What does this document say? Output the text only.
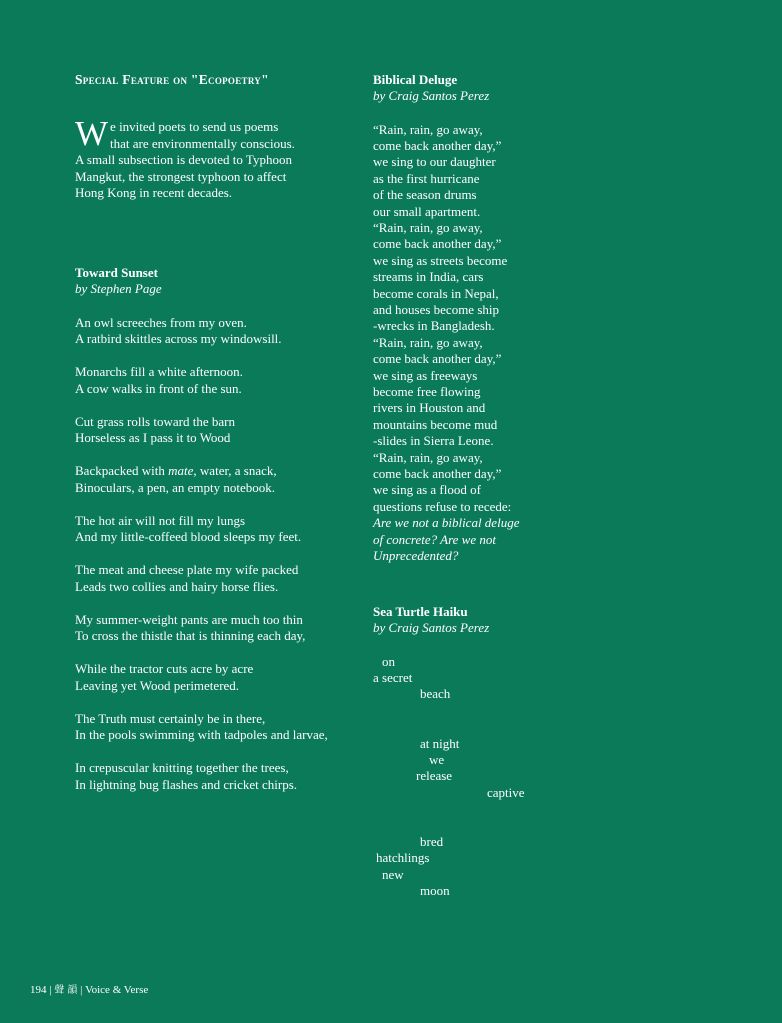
Special Feature on "Ecopoetry"
W e invited poets to send us poems
that are environmentally conscious.
A small subsection is devoted to Typhoon
Mangkut, the strongest typhoon to affect
Hong Kong in recent decades.
Toward Sunset

by Stephen Page

An owl screeches from my oven.
A ratbird skittles across my windowsill.
Monarchs fill a white afternoon.
A cow walks in front of the sun.
Cut grass rolls toward the barn
Horseless as I pass it to Wood
Backpacked with mate, water, a snack,
Binoculars, a pen, an empty notebook.
The hot air will not fill my lungs
And my little-coffeed blood sleeps my feet.
The meat and cheese plate my wife packed
Leads two collies and hairy horse flies.
My summer-weight pants are much too thin
To cross the thistle that is thinning each day,
While the tractor cuts acre by acre
Leaving yet Wood perimetered.
The Truth must certainly be in there,
In the pools swimming with tadpoles and larvae,
In crepuscular knitting together the trees,
In lightning bug flashes and cricket chirps.
Biblical Deluge

by Craig Santos Perez

“Rain, rain, go away,
come back another day,”
we sing to our daughter
as the first hurricane
of the season drums
our small apartment.
“Rain, rain, go away,
come back another day,”
we sing as streets become
streams in India, cars
become corals in Nepal,
and houses become ship
-wrecks in Bangladesh.
“Rain, rain, go away,
come back another day,”
we sing as freeways
become free flowing
rivers in Houston and
mountains become mud
-slides in Sierra Leone.
“Rain, rain, go away,
come back another day,”
we sing as a flood of
questions refuse to recede:
Are we not a biblical deluge
of concrete? Are we not
Unprecedented?
Sea Turtle Haiku

by Craig Santos Perez

on
a secret
beach
at night
we
release
captive
bred
hatchlings
new
moon
194 | 聲 韻 | Voice & Verse
